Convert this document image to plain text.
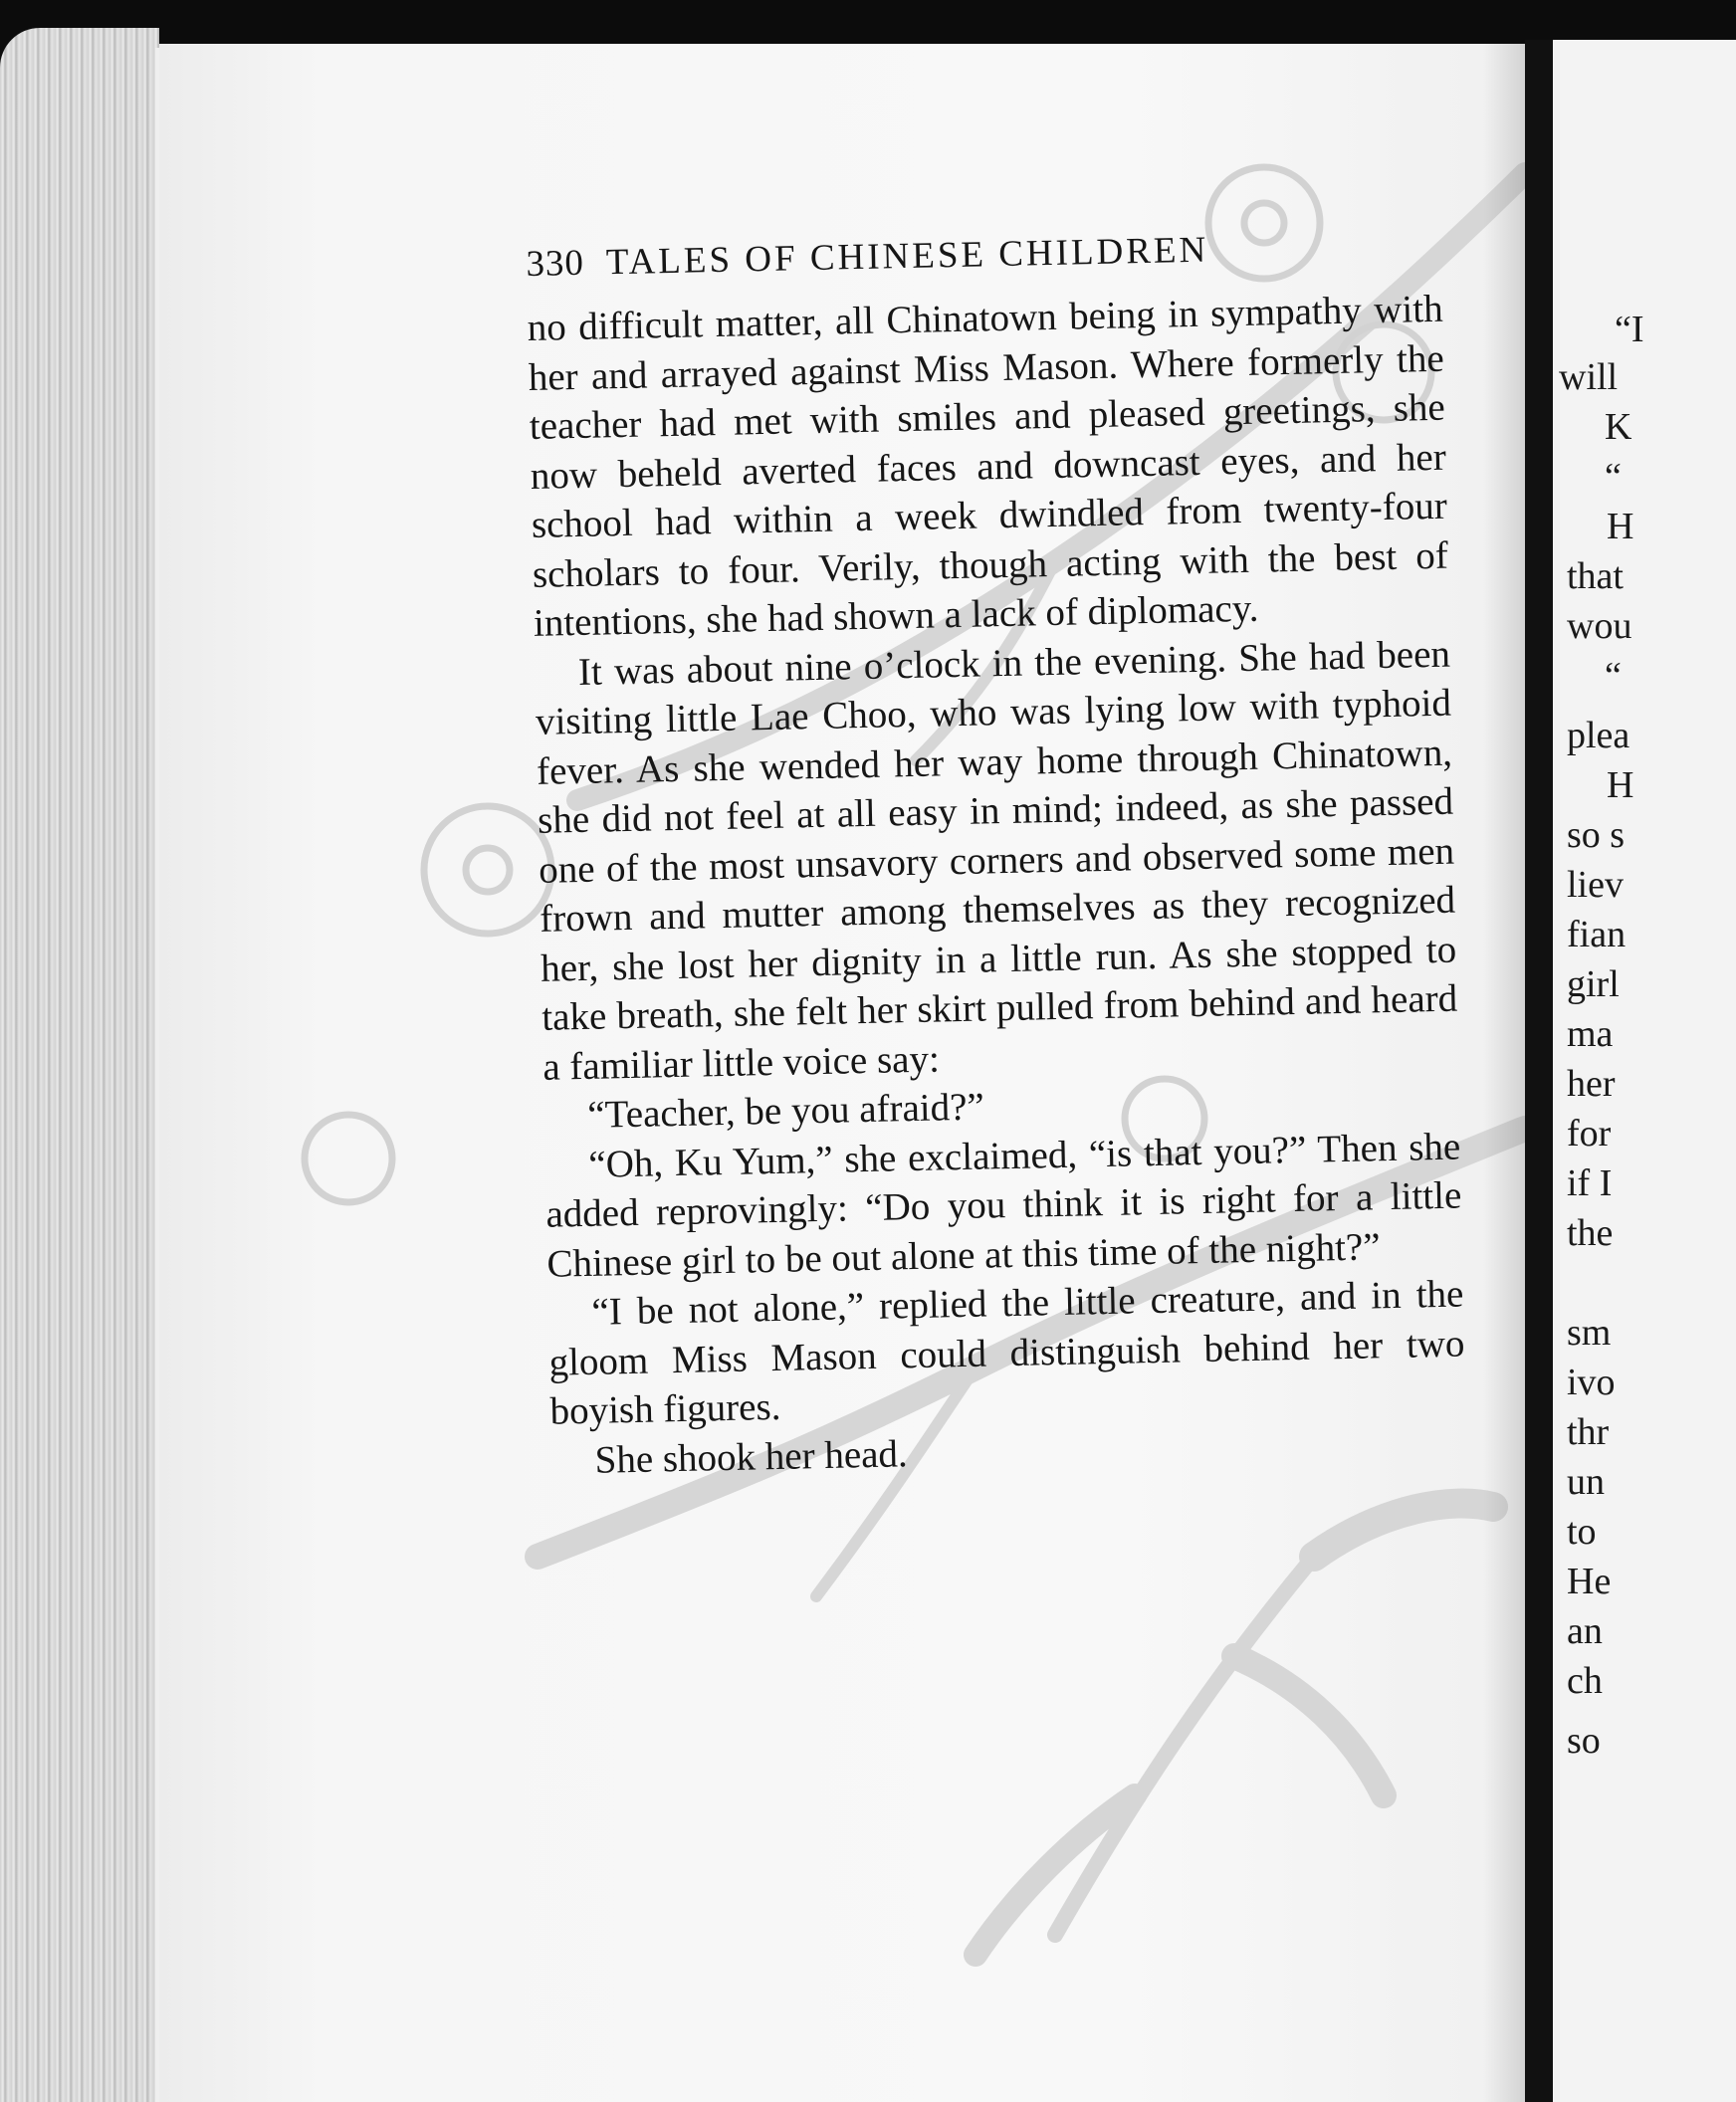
“I
will
K
“
H
that
wou
“
plea
H
so s
liev
fian
girl
ma
her
for
if I
the
sm
ivo
thr
un
to
He
an
ch
so
330 TALES OF CHINESE CHILDREN

no difficult matter, all Chinatown being in sympathy with her and arrayed against Miss Mason. Where formerly the teacher had met with smiles and pleased greetings, she now beheld averted faces and downcast eyes, and her school had within a week dwindled from twenty-four scholars to four. Verily, though acting with the best of intentions, she had shown a lack of diplomacy.

It was about nine o’clock in the evening. She had been visiting little Lae Choo, who was lying low with typhoid fever. As she wended her way home through Chinatown, she did not feel at all easy in mind; indeed, as she passed one of the most unsavory corners and observed some men frown and mutter among themselves as they recognized her, she lost her dignity in a little run. As she stopped to take breath, she felt her skirt pulled from behind and heard a familiar little voice say:

“Teacher, be you afraid?”

“Oh, Ku Yum,” she exclaimed, “is that you?” Then she added reprovingly: “Do you think it is right for a little Chinese girl to be out alone at this time of the night?”

“I be not alone,” replied the little creature, and in the gloom Miss Mason could distinguish behind her two boyish figures.

She shook her head.
